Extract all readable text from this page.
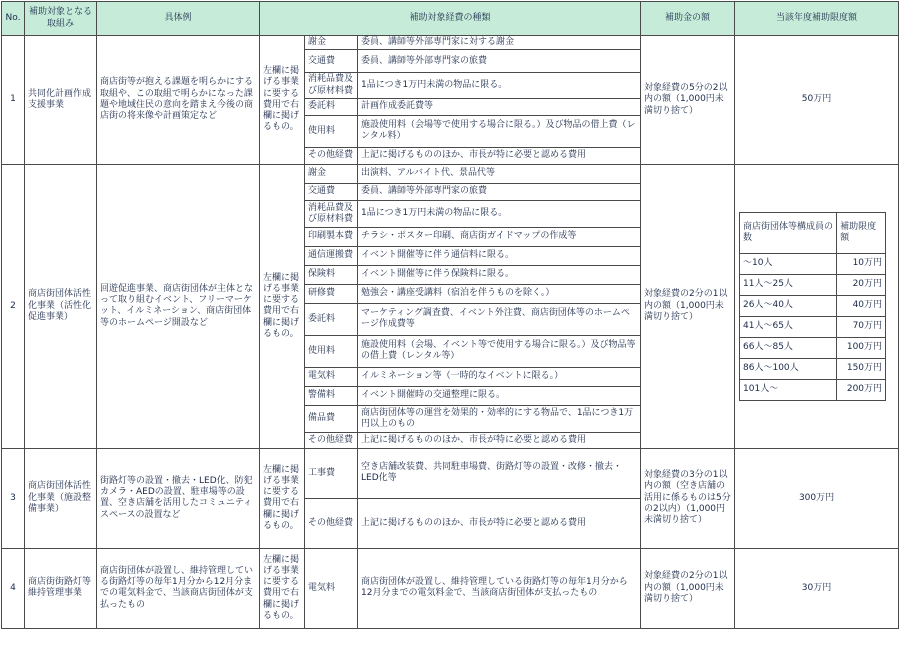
No.	補助対象となる取組み	具体例	補助対象経費の種類	補助金の額	当該年度補助限度額
1	共同化計画作成支援事業	商店街等が抱える課題を明らかにする取組や、この取組で明らかになった課題や地域住民の意向を踏まえ今後の商店街の将来像や計画策定など	左欄に掲げる事業に要する費用で右欄に掲げるもの。	謝金	委員、講師等外部専門家に対する謝金	対象経費の5分の2以内の額（1,000円未満切り捨て）	50万円
交通費	委員、講師等外部専門家の旅費
消耗品費及び原材料費	1品につき1万円未満の物品に限る。
委託料	計画作成委託費等
使用料	施設使用料（会場等で使用する場合に限る。）及び物品の借上費（レンタル料）
その他経費	上記に掲げるもののほか、市長が特に必要と認める費用
2	商店街団体活性化事業（活性化促進事業）	回遊促進事業、商店街団体が主体となって取り組むイベント、フリーマーケット、イルミネーション、商店街団体等のホームページ開設など	左欄に掲げる事業に要する費用で右欄に掲げるもの。	謝金	出演料、アルバイト代、景品代等	対象経費の2分の1以内の額（1,000円未満切り捨て）	
商店街団体等構成員の数	補助限度額
～10人	10万円
11人～25人	20万円
26人～40人	40万円
41人～65人	70万円
66人～85人	100万円
86人～100人	150万円
101人～	200万円

交通費	委員、講師等外部専門家の旅費
消耗品費及び原材料費	1品につき1万円未満の物品に限る。
印刷製本費	チラシ・ポスター印刷、商店街ガイドマップの作成等
通信運搬費	イベント開催等に伴う通信料に限る。
保険料	イベント開催等に伴う保険料に限る。
研修費	勉強会・講座受講料（宿泊を伴うものを除く。）
委託料	マーケティング調査費、イベント外注費、商店街団体等のホームページ作成費等
使用料	施設使用料（会場、イベント等で使用する場合に限る。）及び物品等の借上費（レンタル等）
電気料	イルミネーション等（一時的なイベントに限る。）
警備料	イベント開催時の交通整理に限る。
備品費	商店街団体等の運営を効果的・効率的にする物品で、1品につき1万円以上のもの
その他経費	上記に掲げるもののほか、市長が特に必要と認める費用
3	商店街団体活性化事業（施設整備事業）	街路灯等の設置・撤去・LED化、防犯カメラ・AEDの設置、駐車場等の設置、空き店舗を活用したコミュニティスペースの設置など	左欄に掲げる事業に要する費用で右欄に掲げるもの。	工事費	空き店舗改装費、共同駐車場費、街路灯等の設置・改修・撤去・LED化等	対象経費の3分の1以内の額（空き店舗の活用に係るものは5分の2以内）（1,000円未満切り捨て）	300万円
その他経費	上記に掲げるもののほか、市長が特に必要と認める費用
4	商店街街路灯等維持管理事業	商店街団体が設置し、維持管理している街路灯等の毎年1月分から12月分までの電気料金で、当該商店街団体が支払ったもの	左欄に掲げる事業に要する費用で右欄に掲げるもの。	電気料	商店街団体が設置し、維持管理している街路灯等の毎年1月分から12月分までの電気料金で、当該商店街団体が支払ったもの	対象経費の2分の1以内の額（1,000円未満切り捨て）	30万円
